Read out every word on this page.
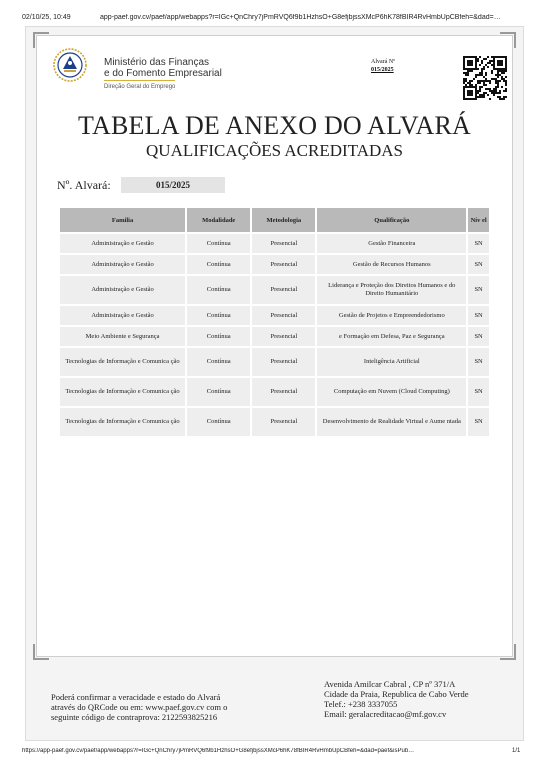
02/10/25, 10:49	app-paef.gov.cv/paef/app/webapps?r=IGc+QnChry7jPmRVQ6f9b1HzhsO+G8efjbjssXMcP6hK78fBIR4RvHmbUpCBfeh=&dad=…
Ministério das Finanças
e do Fomento Empresarial
Direção Geral do Emprego
Alvará Nº
015/2025
TABELA DE ANEXO DO ALVARÁ
QUALIFICAÇÕES ACREDITADAS
Nº. Alvará:	015/2025
Familia	Modalidade	Metodologia	Qualificação	Nív el
Administração e Gestão	Contínua	Presencial	Gestão Financeira	SN
Administração e Gestão	Contínua	Presencial	Gestão de Recursos Humanos	SN
Administração e Gestão	Contínua	Presencial	Liderança e Proteção dos Direitos Humanos e do Direito Humanitário	SN
Administração e Gestão	Contínua	Presencial	Gestão de Projetos e Empreendedorismo	SN
Meio Ambiente e Segurança	Contínua	Presencial	e Formação em Defesa, Paz e Segurança	SN
Tecnologias de Informação e Comunica ção	Contínua	Presencial	Inteligência Artificial	SN
Tecnologias de Informação e Comunica ção	Contínua	Presencial	Computação em Nuvem (Cloud Computing)	SN
Tecnologias de Informação e Comunica ção	Contínua	Presencial	Desenvolvimento de Realidade Virtual e Aume ntada	SN
Avenida Amilcar Cabral , CP nº 371/A
Cidade da Praia, Republica de Cabo Verde
Telef.: +238 3337055
Email: geralacreditacao@mf.gov.cv
Poderá confirmar a veracidade e estado do Alvará
através do QRCode ou em: www.paef.gov.cv com o
seguinte código de contraprova: 2122593825216
https://app-paef.gov.cv/paef/app/webapps?r=IGc+QnChry7jPmRVQ6f9b1HzhsO+G8efjbjssXMcP6hK78fBIR4RvHmbUpCBfeh=&dad=paef&isPub…	1/1
